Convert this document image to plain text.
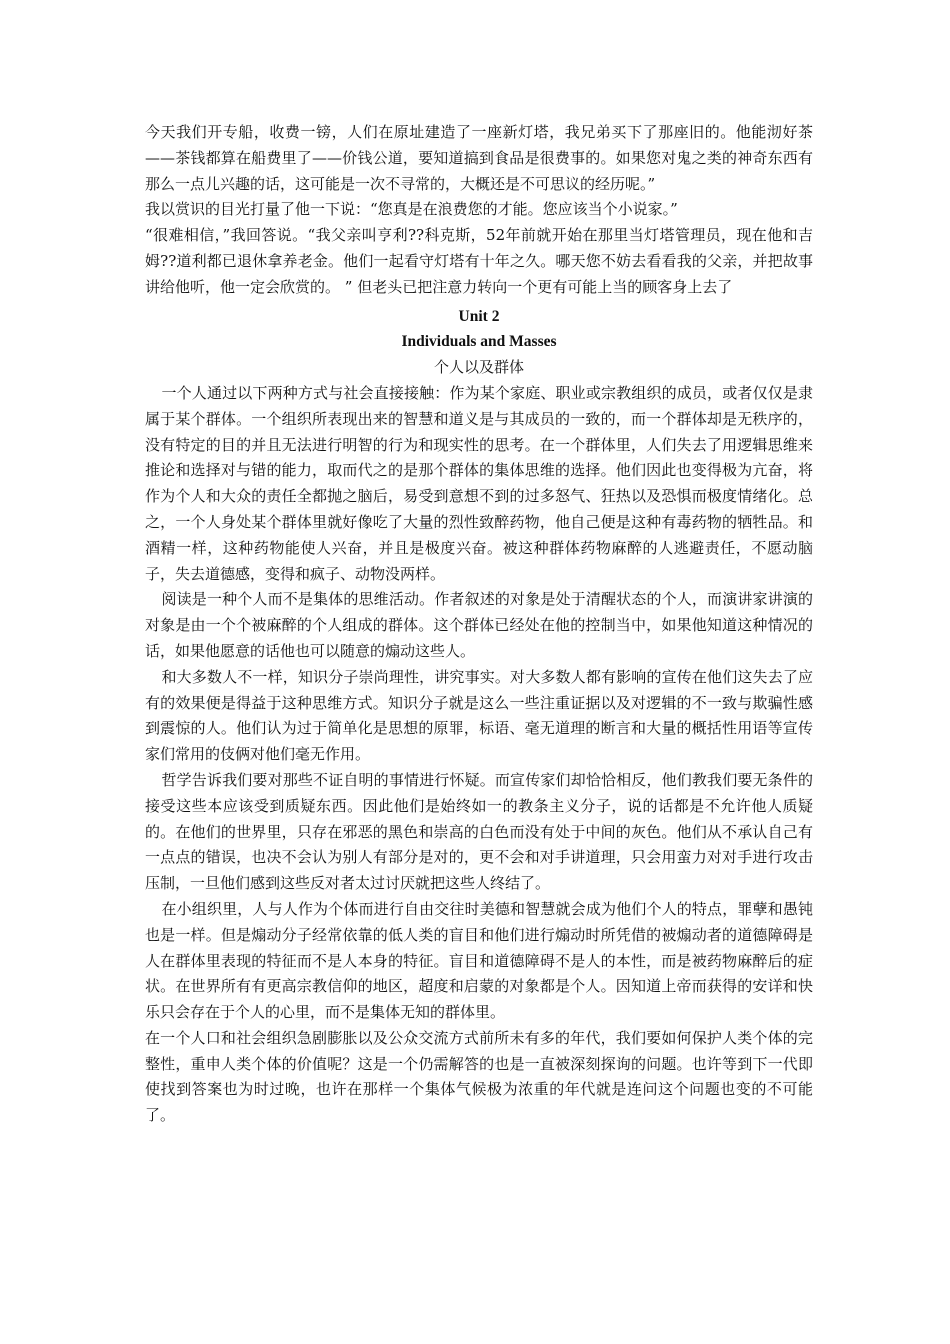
今天我们开专船，收费一镑，人们在原址建造了一座新灯塔，我兄弟买下了那座旧的。他能沏好茶——茶钱都算在船费里了——价钱公道，要知道搞到食品是很费事的。如果您对鬼之类的神奇东西有那么一点儿兴趣的话，这可能是一次不寻常的，大概还是不可思议的经历呢。”

我以赏识的目光打量了他一下说：“您真是在浪费您的才能。您应该当个小说家。”

“很难相信，”我回答说。“我父亲叫亨利??科克斯，52年前就开始在那里当灯塔管理员，现在他和吉姆??道利都已退休拿养老金。他们一起看守灯塔有十年之久。哪天您不妨去看看我的父亲，并把故事讲给他听，他一定会欣赏的。 ” 但老头已把注意力转向一个更有可能上当的顾客身上去了

Unit 2
Individuals and Masses
个人以及群体

一个人通过以下两种方式与社会直接接触：作为某个家庭、职业或宗教组织的成员，或者仅仅是隶属于某个群体。一个组织所表现出来的智慧和道义是与其成员的一致的，而一个群体却是无秩序的，没有特定的目的并且无法进行明智的行为和现实性的思考。在一个群体里，人们失去了用逻辑思维来推论和选择对与错的能力，取而代之的是那个群体的集体思维的选择。他们因此也变得极为亢奋，将作为个人和大众的责任全都抛之脑后，易受到意想不到的过多怒气、狂热以及恐惧而极度情绪化。总之，一个人身处某个群体里就好像吃了大量的烈性致醉药物，他自己便是这种有毒药物的牺牲品。和酒精一样，这种药物能使人兴奋，并且是极度兴奋。被这种群体药物麻醉的人逃避责任，不愿动脑子，失去道德感，变得和疯子、动物没两样。

阅读是一种个人而不是集体的思维活动。作者叙述的对象是处于清醒状态的个人，而演讲家讲演的对象是由一个个被麻醉的个人组成的群体。这个群体已经处在他的控制当中，如果他知道这种情况的话，如果他愿意的话他也可以随意的煽动这些人。

和大多数人不一样，知识分子崇尚理性，讲究事实。对大多数人都有影响的宣传在他们这失去了应有的效果便是得益于这种思维方式。知识分子就是这么一些注重证据以及对逻辑的不一致与欺骗性感到震惊的人。他们认为过于简单化是思想的原罪，标语、毫无道理的断言和大量的概括性用语等宣传家们常用的伎俩对他们毫无作用。

哲学告诉我们要对那些不证自明的事情进行怀疑。而宣传家们却恰恰相反，他们教我们要无条件的接受这些本应该受到质疑东西。因此他们是始终如一的教条主义分子，说的话都是不允许他人质疑的。在他们的世界里，只存在邪恶的黑色和崇高的白色而没有处于中间的灰色。他们从不承认自己有一点点的错误，也决不会认为别人有部分是对的，更不会和对手讲道理，只会用蛮力对对手进行攻击压制，一旦他们感到这些反对者太过讨厌就把这些人终结了。

在小组织里，人与人作为个体而进行自由交往时美德和智慧就会成为他们个人的特点，罪孽和愚钝也是一样。但是煽动分子经常依靠的低人类的盲目和他们进行煽动时所凭借的被煽动者的道德障碍是人在群体里表现的特征而不是人本身的特征。盲目和道德障碍不是人的本性，而是被药物麻醉后的症状。在世界所有有更高宗教信仰的地区，超度和启蒙的对象都是个人。因知道上帝而获得的安详和快乐只会存在于个人的心里，而不是集体无知的群体里。

在一个人口和社会组织急剧膨胀以及公众交流方式前所未有多的年代，我们要如何保护人类个体的完整性，重申人类个体的价值呢？这是一个仍需解答的也是一直被深刻探询的问题。也许等到下一代即使找到答案也为时过晚，也许在那样一个集体气候极为浓重的年代就是连问这个问题也变的不可能了。
